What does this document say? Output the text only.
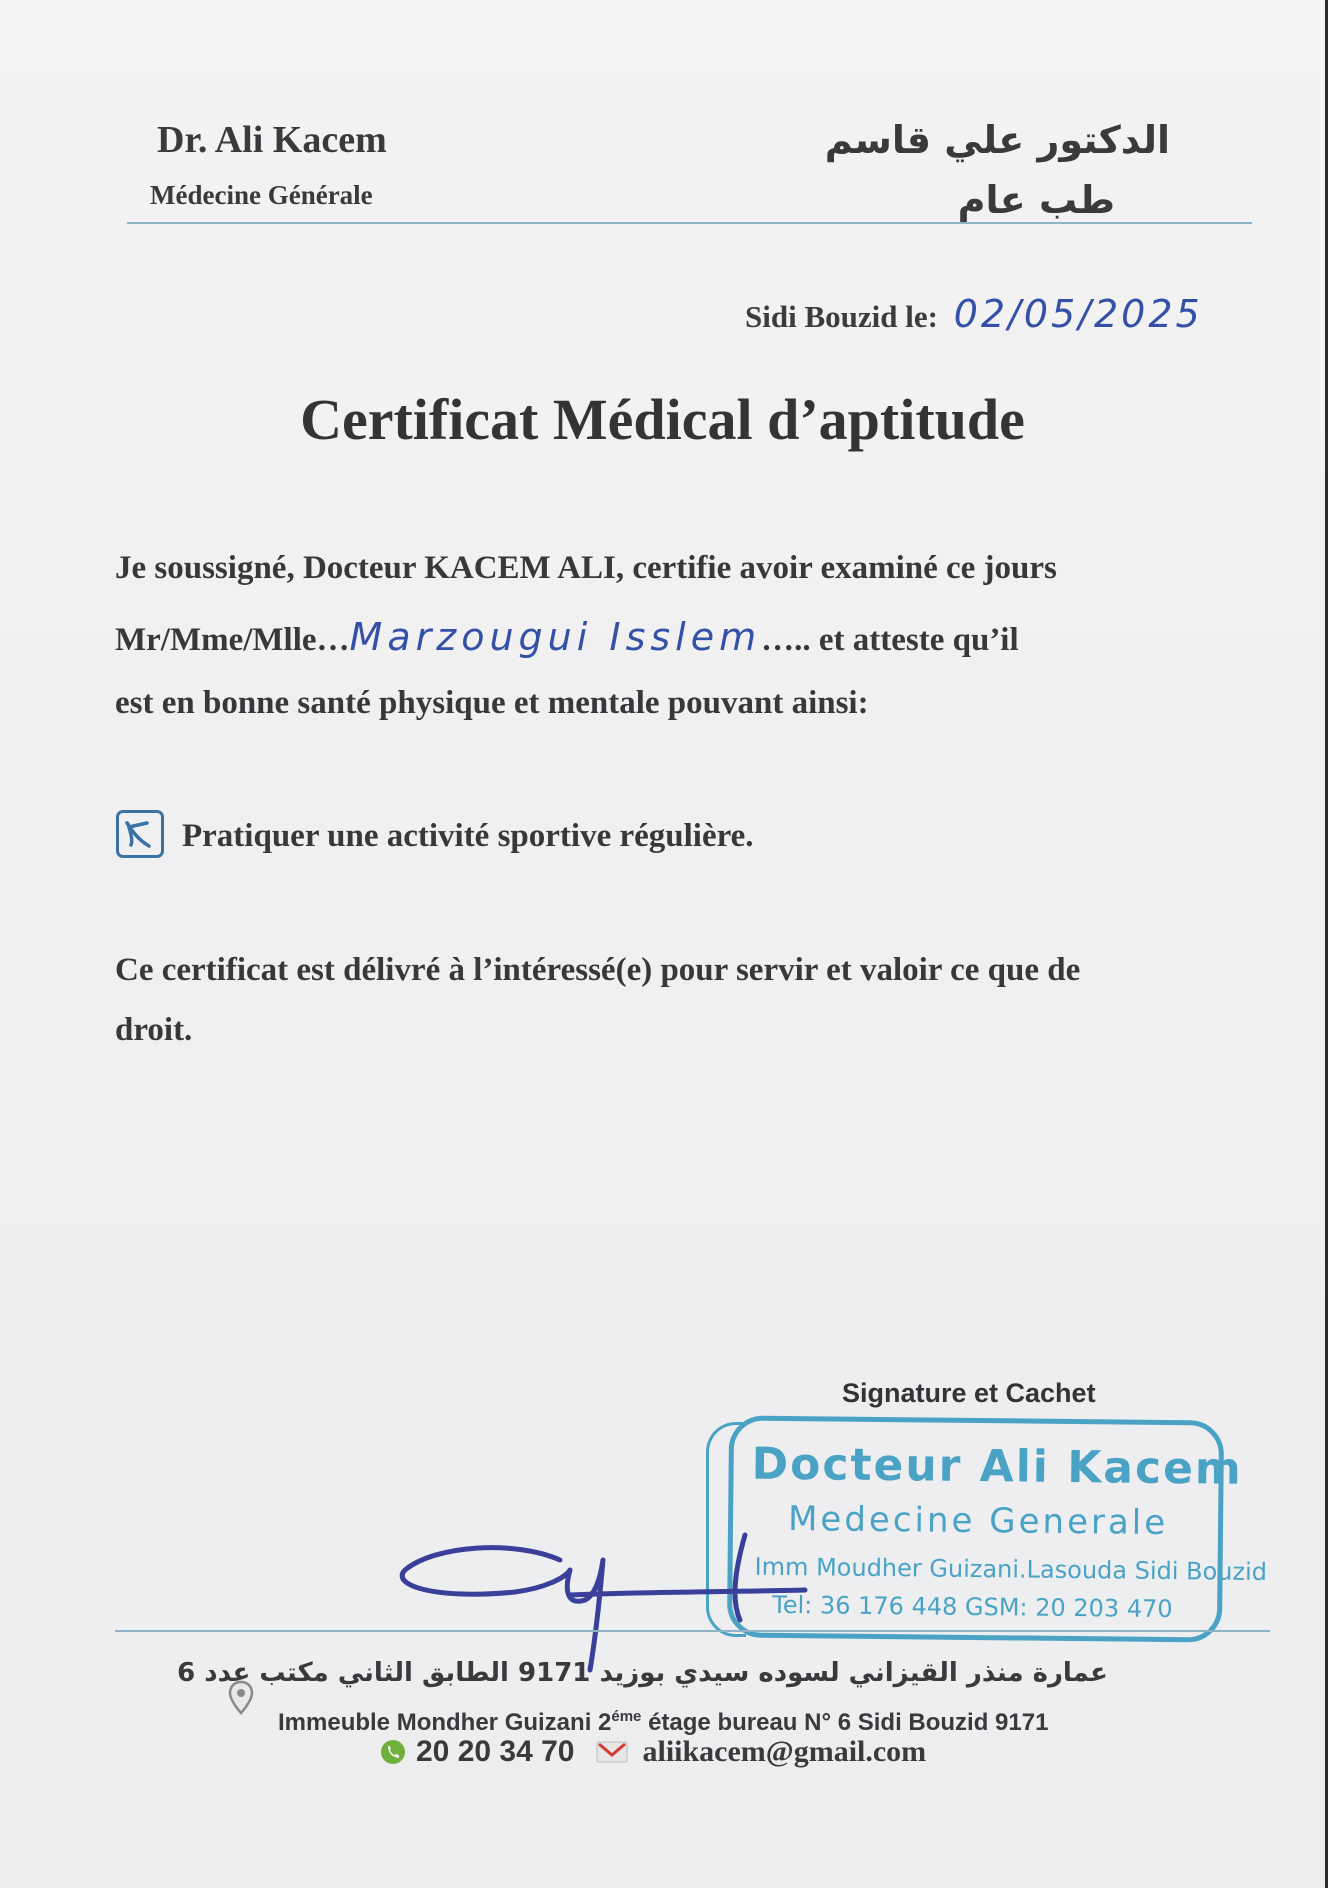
Dr. Ali Kacem
Médecine Générale
الدكتور علي قاسم
طب عام
Sidi Bouzid le: 02/05/2025
Certificat Médical d’aptitude
Je soussigné, Docteur KACEM ALI, certifie avoir examiné ce jours
Mr/Mme/Mlle…Marzougui Isslem….. et atteste qu’il
est en bonne santé physique et mentale pouvant ainsi:
Pratiquer une activité sportive régulière.
Ce certificat est délivré à l’intéressé(e) pour servir et valoir ce que de
droit.
Signature et Cachet
Docteur Ali Kacem
Medecine Generale
Imm Moudher Guizani.Lasouda Sidi Bouzid
Tel: 36 176 448 GSM: 20 203 470
عمارة منذر القيزاني لسوده سيدي بوزيد 9171 الطابق الثاني مكتب عدد 6
Immeuble Mondher Guizani $2^{éme}$ étage bureau N° 6 Sidi Bouzid 9171
20 20 34 70 aliikacem@gmail.com
